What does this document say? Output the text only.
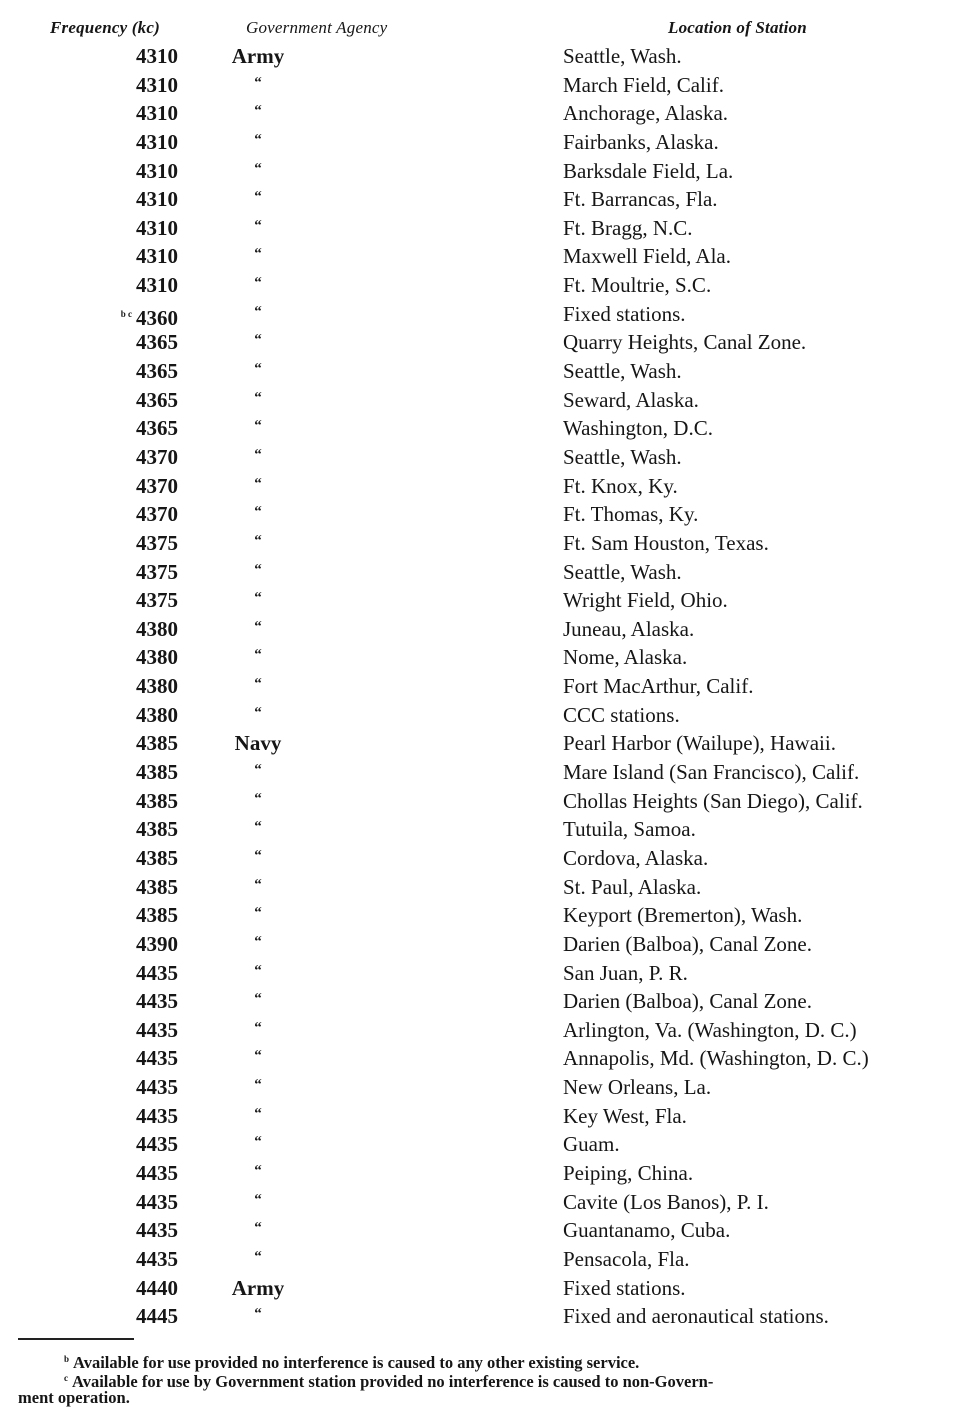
Frequency (kc)	Government Agency	Location of Station
4310	Army	Seattle, Wash.
4310	“	March Field, Calif.
4310	“	Anchorage, Alaska.
4310	“	Fairbanks, Alaska.
4310	“	Barksdale Field, La.
4310	“	Ft. Barrancas, Fla.
4310	“	Ft. Bragg, N.C.
4310	“	Maxwell Field, Ala.
4310	“	Ft. Moultrie, S.C.
$^{b c}$ 4360	“	Fixed stations.
4365	“	Quarry Heights, Canal Zone.
4365	“	Seattle, Wash.
4365	“	Seward, Alaska.
4365	“	Washington, D.C.
4370	“	Seattle, Wash.
4370	“	Ft. Knox, Ky.
4370	“	Ft. Thomas, Ky.
4375	“	Ft. Sam Houston, Texas.
4375	“	Seattle, Wash.
4375	“	Wright Field, Ohio.
4380	“	Juneau, Alaska.
4380	“	Nome, Alaska.
4380	“	Fort MacArthur, Calif.
4380	“	CCC stations.
4385	Navy	Pearl Harbor (Wailupe), Hawaii.
4385	“	Mare Island (San Francisco), Calif.
4385	“	Chollas Heights (San Diego), Calif.
4385	“	Tutuila, Samoa.
4385	“	Cordova, Alaska.
4385	“	St. Paul, Alaska.
4385	“	Keyport (Bremerton), Wash.
4390	“	Darien (Balboa), Canal Zone.
4435	“	San Juan, P. R.
4435	“	Darien (Balboa), Canal Zone.
4435	“	Arlington, Va. (Washington, D. C.)
4435	“	Annapolis, Md. (Washington, D. C.)
4435	“	New Orleans, La.
4435	“	Key West, Fla.
4435	“	Guam.
4435	“	Peiping, China.
4435	“	Cavite (Los Banos), P. I.
4435	“	Guantanamo, Cuba.
4435	“	Pensacola, Fla.
4440	Army	Fixed stations.
4445	“	Fixed and aeronautical stations.
$^b$ Available for use provided no interference is caused to any other existing service.
$^c$ Available for use by Government station provided no interference is caused to non-Govern-
ment operation.
